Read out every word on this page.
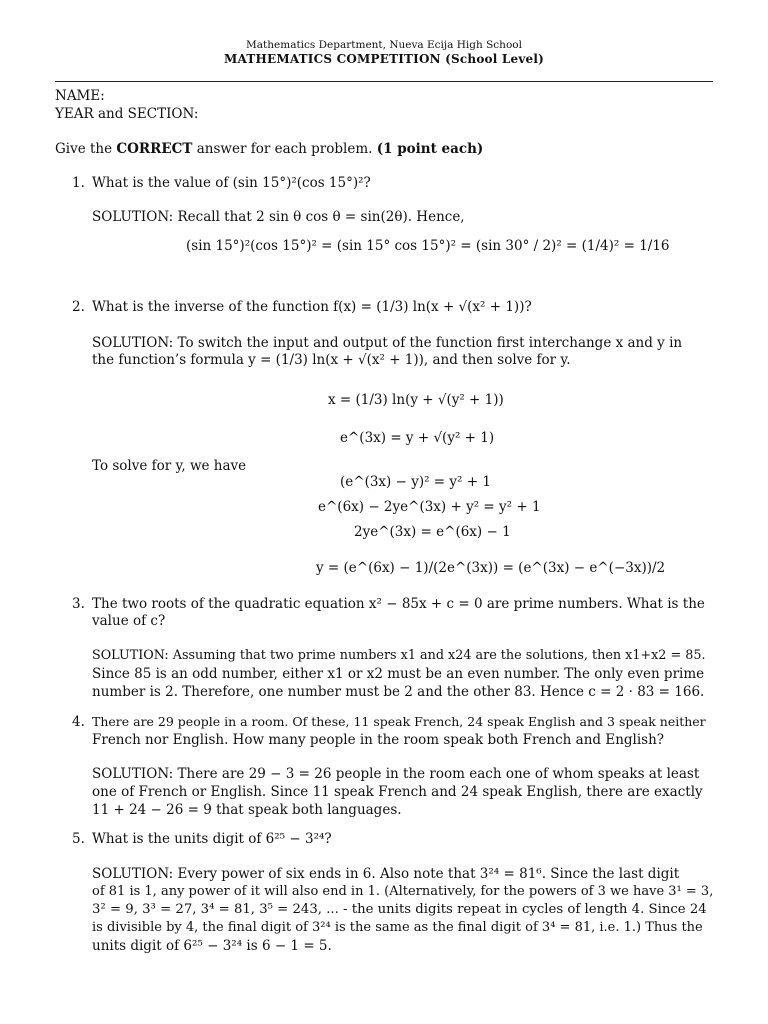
Mathematics Department, Nueva Ecija High School
MATHEMATICS COMPETITION (School Level)
NAME:
YEAR and SECTION:
Give the CORRECT answer for each problem. (1 point each)
1. What is the value of (sin 15°)²(cos 15°)²?
SOLUTION: Recall that 2 sin θ cos θ = sin(2θ). Hence,
(sin 15°)²(cos 15°)² = (sin 15° cos 15°)² = (sin 30° / 2)² = (1/4)² = 1/16
2. What is the inverse of the function f(x) = (1/3) ln(x + √(x² + 1))?
SOLUTION: To switch the input and output of the function first interchange x and y in
the function’s formula y = (1/3) ln(x + √(x² + 1)), and then solve for y.
x = (1/3) ln(y + √(y² + 1))
e^(3x) = y + √(y² + 1)
To solve for y, we have
(e^(3x) − y)² = y² + 1
e^(6x) − 2ye^(3x) + y² = y² + 1
2ye^(3x) = e^(6x) − 1
y = (e^(6x) − 1)/(2e^(3x)) = (e^(3x) − e^(−3x))/2
3. The two roots of the quadratic equation x² − 85x + c = 0 are prime numbers. What is the
value of c?
SOLUTION: Assuming that two prime numbers x1 and x24 are the solutions, then x1+x2 = 85.
Since 85 is an odd number, either x1 or x2 must be an even number. The only even prime
number is 2. Therefore, one number must be 2 and the other 83. Hence c = 2 · 83 = 166.
4. There are 29 people in a room. Of these, 11 speak French, 24 speak English and 3 speak neither
French nor English. How many people in the room speak both French and English?
SOLUTION: There are 29 − 3 = 26 people in the room each one of whom speaks at least
one of French or English. Since 11 speak French and 24 speak English, there are exactly
11 + 24 − 26 = 9 that speak both languages.
5. What is the units digit of 6²⁵ − 3²⁴?
SOLUTION: Every power of six ends in 6. Also note that 3²⁴ = 81⁶. Since the last digit
of 81 is 1, any power of it will also end in 1. (Alternatively, for the powers of 3 we have 3¹ = 3,
3² = 9, 3³ = 27, 3⁴ = 81, 3⁵ = 243, ... - the units digits repeat in cycles of length 4. Since 24
is divisible by 4, the final digit of 3²⁴ is the same as the final digit of 3⁴ = 81, i.e. 1.) Thus the
units digit of 6²⁵ − 3²⁴ is 6 − 1 = 5.
